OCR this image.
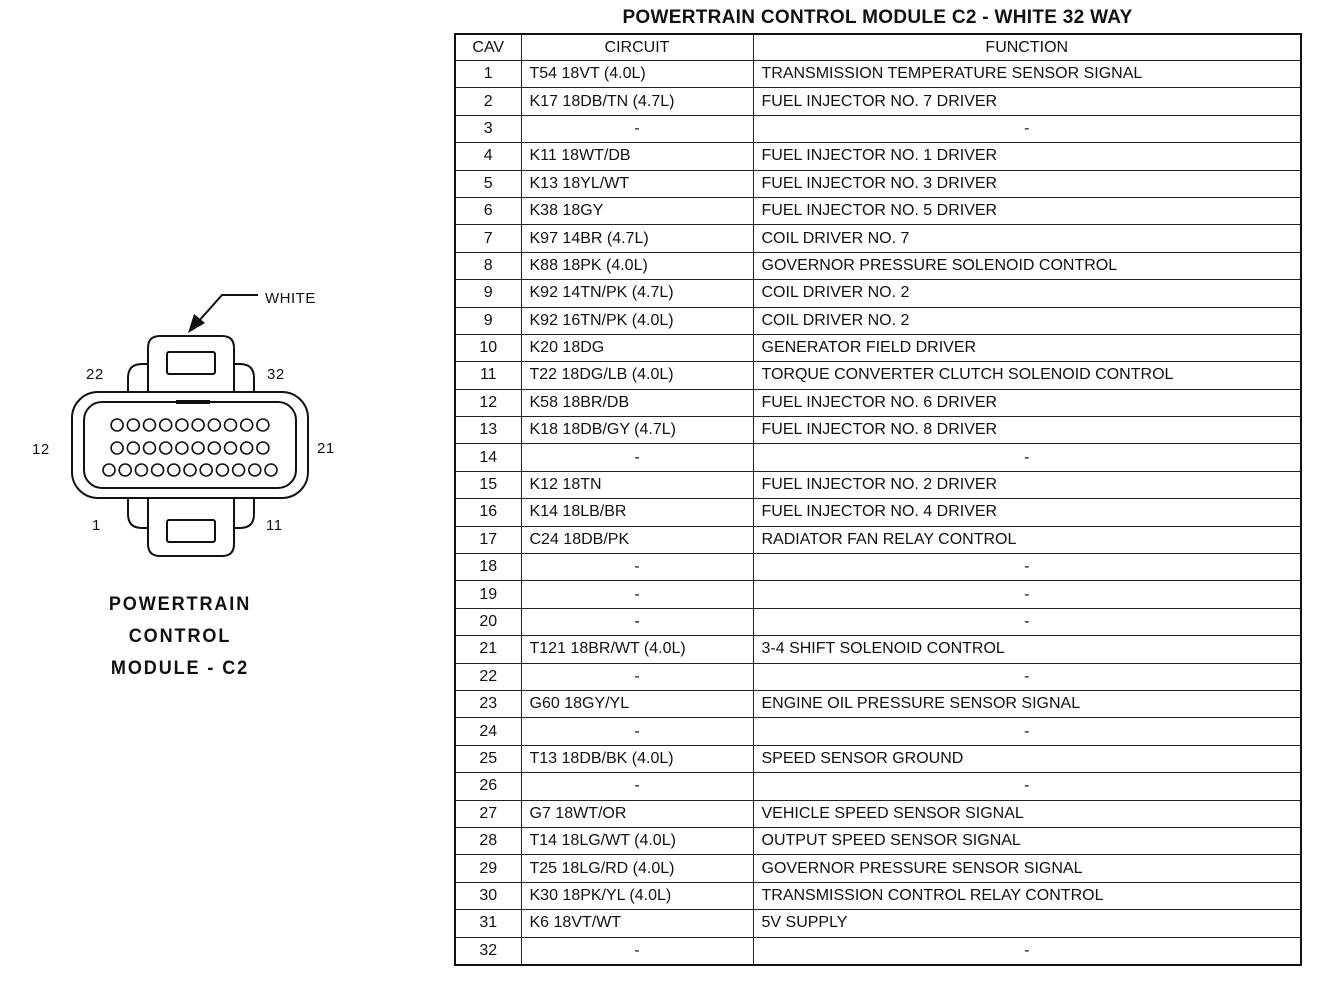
WHITE
22	32
12	21
1	11
POWERTRAIN
CONTROL
MODULE - C2
POWERTRAIN CONTROL MODULE C2 - WHITE 32 WAY
CAV	CIRCUIT	FUNCTION
1	T54 18VT (4.0L)	TRANSMISSION TEMPERATURE SENSOR SIGNAL
2	K17 18DB/TN (4.7L)	FUEL INJECTOR NO. 7 DRIVER
3	-	-
4	K11 18WT/DB	FUEL INJECTOR NO. 1 DRIVER
5	K13 18YL/WT	FUEL INJECTOR NO. 3 DRIVER
6	K38 18GY	FUEL INJECTOR NO. 5 DRIVER
7	K97 14BR (4.7L)	COIL DRIVER NO. 7
8	K88 18PK (4.0L)	GOVERNOR PRESSURE SOLENOID CONTROL
9	K92 14TN/PK (4.7L)	COIL DRIVER NO. 2
9	K92 16TN/PK (4.0L)	COIL DRIVER NO. 2
10	K20 18DG	GENERATOR FIELD DRIVER
11	T22 18DG/LB (4.0L)	TORQUE CONVERTER CLUTCH SOLENOID CONTROL
12	K58 18BR/DB	FUEL INJECTOR NO. 6 DRIVER
13	K18 18DB/GY (4.7L)	FUEL INJECTOR NO. 8 DRIVER
14	-	-
15	K12 18TN	FUEL INJECTOR NO. 2 DRIVER
16	K14 18LB/BR	FUEL INJECTOR NO. 4 DRIVER
17	C24 18DB/PK	RADIATOR FAN RELAY CONTROL
18	-	-
19	-	-
20	-	-
21	T121 18BR/WT (4.0L)	3-4 SHIFT SOLENOID CONTROL
22	-	-
23	G60 18GY/YL	ENGINE OIL PRESSURE SENSOR SIGNAL
24	-	-
25	T13 18DB/BK (4.0L)	SPEED SENSOR GROUND
26	-	-
27	G7 18WT/OR	VEHICLE SPEED SENSOR SIGNAL
28	T14 18LG/WT (4.0L)	OUTPUT SPEED SENSOR SIGNAL
29	T25 18LG/RD (4.0L)	GOVERNOR PRESSURE SENSOR SIGNAL
30	K30 18PK/YL (4.0L)	TRANSMISSION CONTROL RELAY CONTROL
31	K6 18VT/WT	5V SUPPLY
32	-	-
